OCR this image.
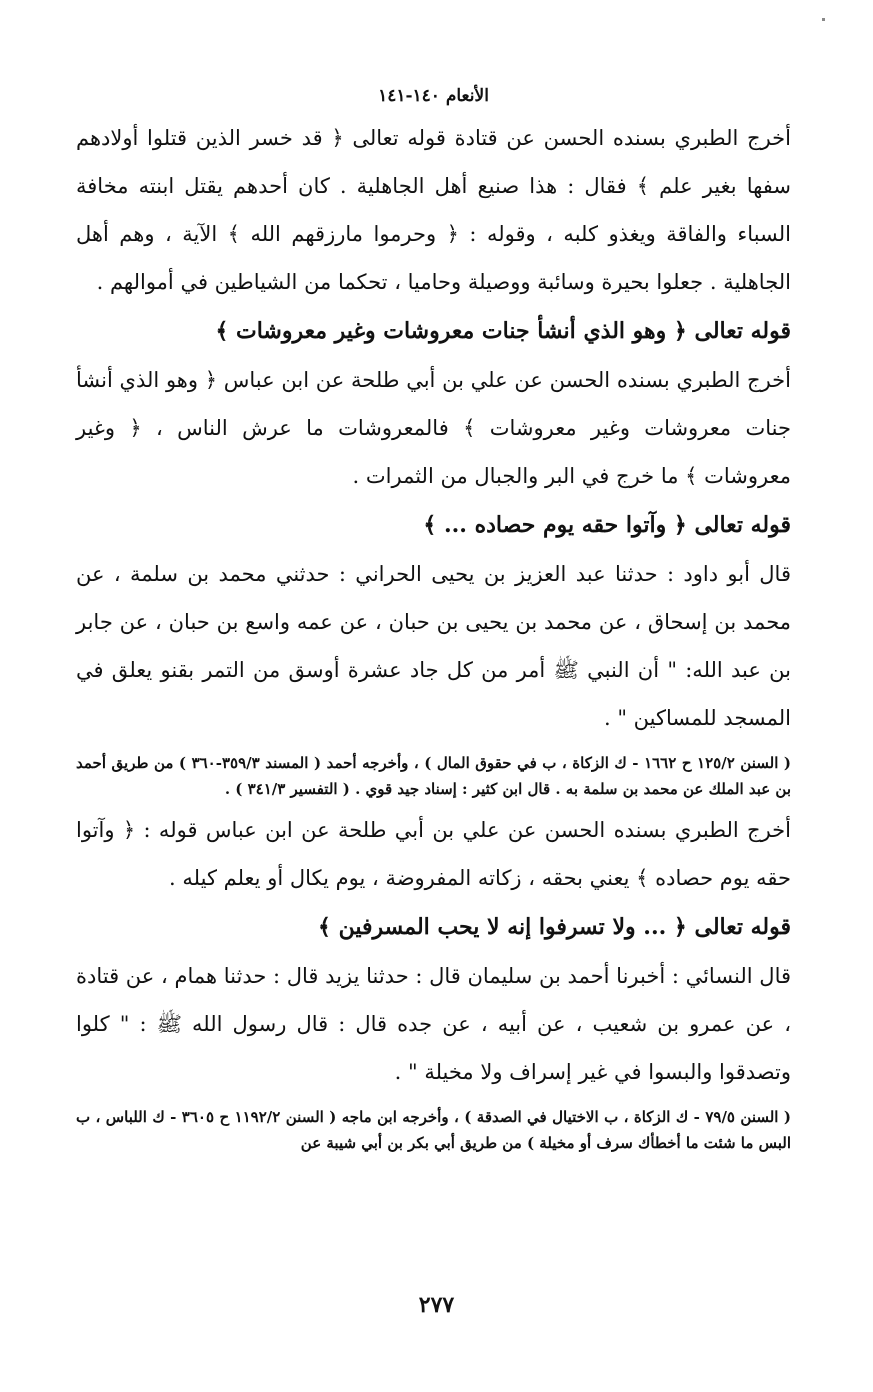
الأنعام ١٤٠-١٤١
أخرج الطبري بسنده الحسن عن قتادة قوله تعالى ﴿ قد خسر الذين قتلوا أولادهم سفها بغير علم ﴾ فقال : هذا صنيع أهل الجاهلية . كان أحدهم يقتل ابنته مخافة السباء والفاقة ويغذو كلبه ، وقوله : ﴿ وحرموا مارزقهم الله ﴾ الآية ، وهم أهل الجاهلية . جعلوا بحيرة وسائبة ووصيلة وحاميا ، تحكما من الشياطين في أموالهم .
قوله تعالى ﴿ وهو الذي أنشأ جنات معروشات وغير معروشات ﴾
أخرج الطبري بسنده الحسن عن علي بن أبي طلحة عن ابن عباس ﴿ وهو الذي أنشأ جنات معروشات وغير معروشات ﴾ فالمعروشات ما عرش الناس ، ﴿ وغير معروشات ﴾ ما خرج في البر والجبال من الثمرات .
قوله تعالى ﴿ وآتوا حقه يوم حصاده ... ﴾
قال أبو داود : حدثنا عبد العزيز بن يحيى الحراني : حدثني محمد بن سلمة ، عن محمد بن إسحاق ، عن محمد بن يحيى بن حبان ، عن عمه واسع بن حبان ، عن جابر بن عبد الله: " أن النبي ﷺ أمر من كل جاد عشرة أوسق من التمر بقنو يعلق في المسجد للمساكين " .
( السنن ١٢٥/٢ ح ١٦٦٢ - ك الزكاة ، ب في حقوق المال ) ، وأخرجه أحمد ( المسند ٣٥٩/٣-٣٦٠ ) من طريق أحمد بن عبد الملك عن محمد بن سلمة به . قال ابن كثير : إسناد جيد قوي . ( التفسير ٣٤١/٣ ) .
أخرج الطبري بسنده الحسن عن علي بن أبي طلحة عن ابن عباس قوله : ﴿ وآتوا حقه يوم حصاده ﴾ يعني بحقه ، زكاته المفروضة ، يوم يكال أو يعلم كيله .
قوله تعالى ﴿ ... ولا تسرفوا إنه لا يحب المسرفين ﴾
قال النسائي : أخبرنا أحمد بن سليمان قال : حدثنا يزيد قال : حدثنا همام ، عن قتادة ، عن عمرو بن شعيب ، عن أبيه ، عن جده قال : قال رسول الله ﷺ : " كلوا وتصدقوا والبسوا في غير إسراف ولا مخيلة " .
( السنن ٧٩/٥ - ك الزكاة ، ب الاختيال في الصدقة ) ، وأخرجه ابن ماجه ( السنن ١١٩٢/٢ ح ٣٦٠٥ - ك اللباس ، ب البس ما شئت ما أخطأك سرف أو مخيلة ) من طريق أبي بكر بن أبي شيبة عن
٢٧٧
